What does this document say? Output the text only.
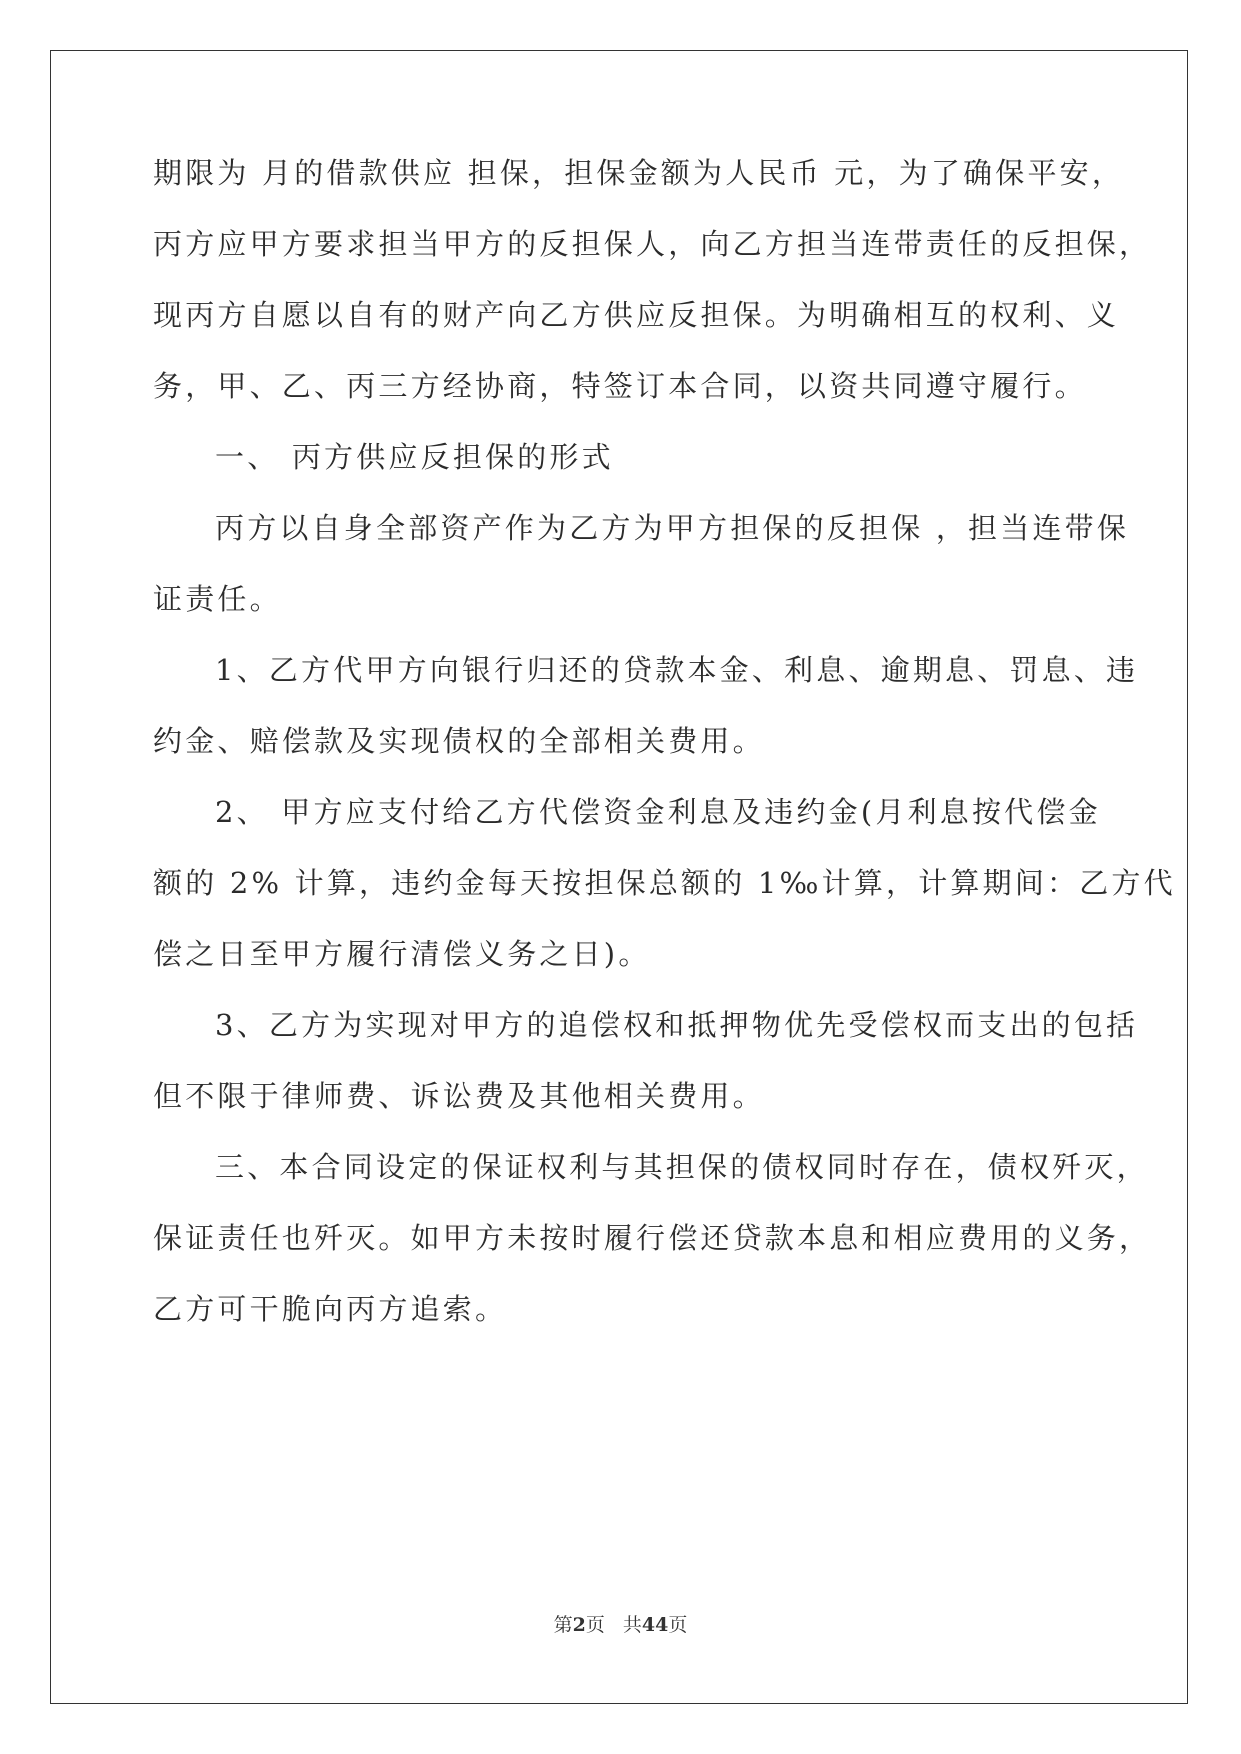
期限为 月的借款供应 担保，担保金额为人民币 元，为了确保平安，
丙方应甲方要求担当甲方的反担保人，向乙方担当连带责任的反担保，
现丙方自愿以自有的财产向乙方供应反担保。为明确相互的权利、义
务，甲、乙、丙三方经协商，特签订本合同，以资共同遵守履行。
一、 丙方供应反担保的形式
丙方以自身全部资产作为乙方为甲方担保的反担保 ，担当连带保
证责任。
1、乙方代甲方向银行归还的贷款本金、利息、逾期息、罚息、违
约金、赔偿款及实现债权的全部相关费用。
2、 甲方应支付给乙方代偿资金利息及违约金(月利息按代偿金
额的 2% 计算，违约金每天按担保总额的 1‰计算，计算期间：乙方代
偿之日至甲方履行清偿义务之日)。
3、乙方为实现对甲方的追偿权和抵押物优先受偿权而支出的包括
但不限于律师费、诉讼费及其他相关费用。
三、本合同设定的保证权利与其担保的债权同时存在，债权歼灭，
保证责任也歼灭。如甲方未按时履行偿还贷款本息和相应费用的义务，
乙方可干脆向丙方追索。
第2页 共44页
